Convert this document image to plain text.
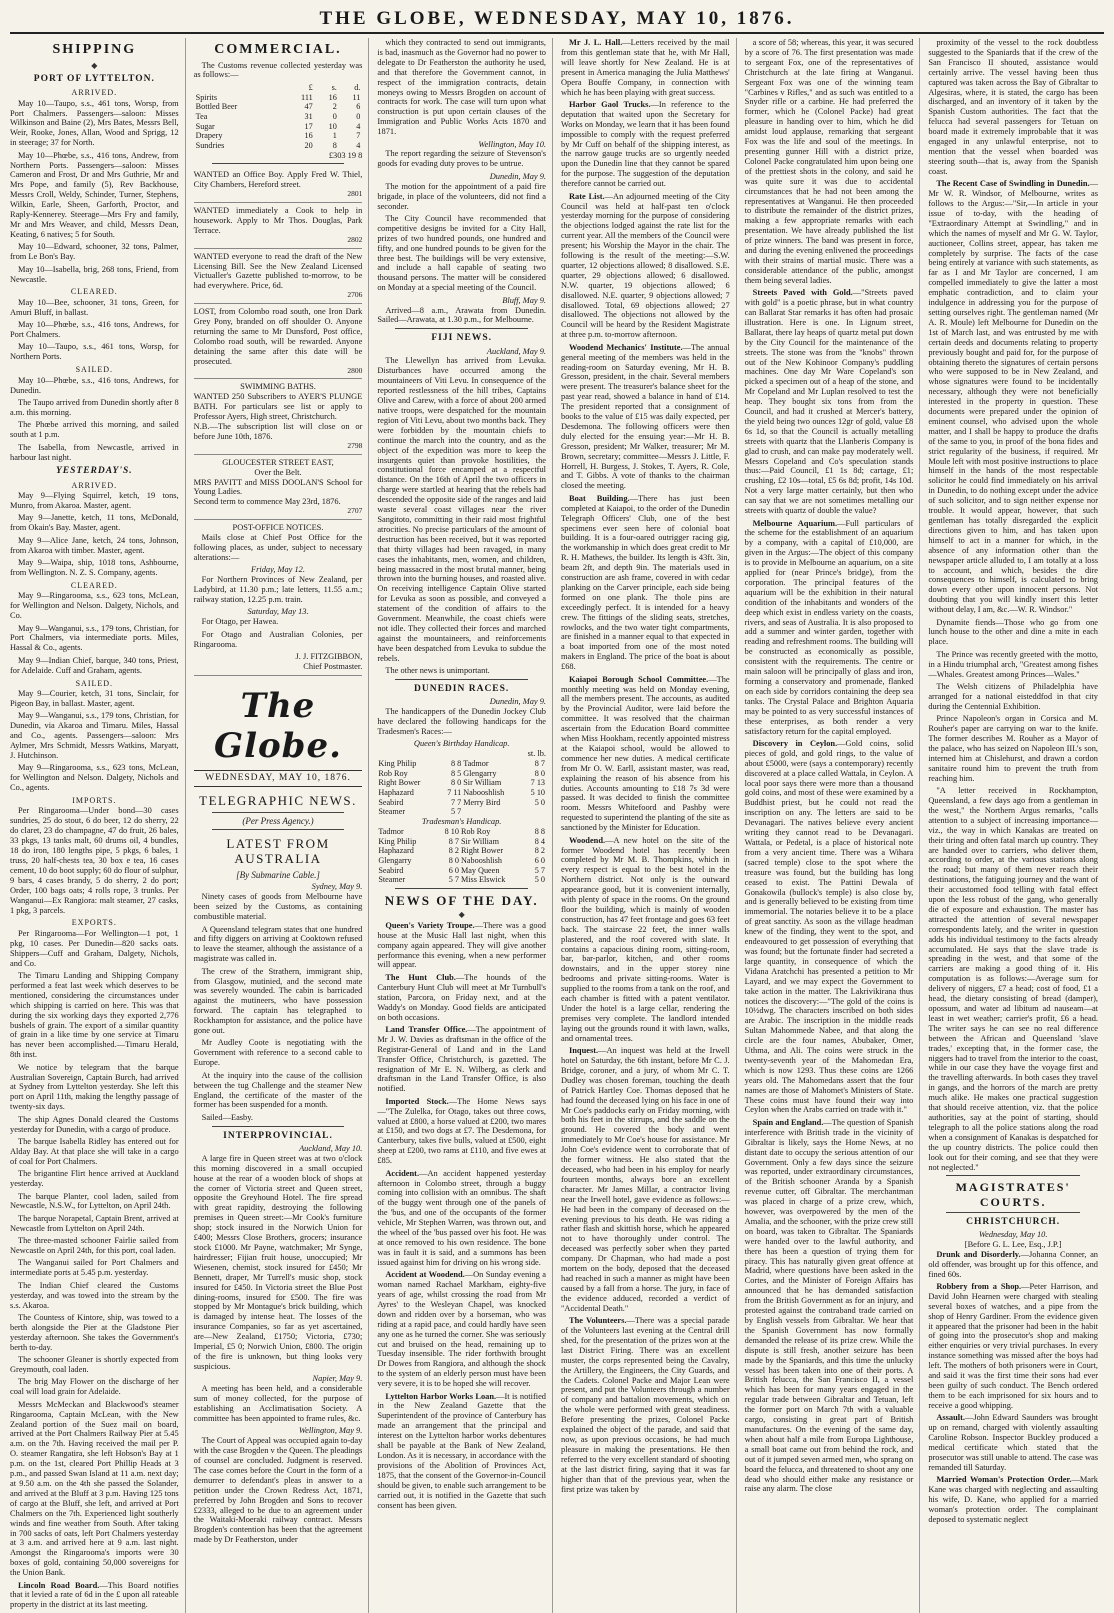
THE GLOBE, WEDNESDAY, MAY 10, 1876.
SHIPPING
◆
PORT OF LYTTELTON.
ARRIVED.

May 10—Taupo, s.s., 461 tons, Worsp, from Port Chalmers. Passengers—saloon: Misses Wilkinson and Baine (2), Mrs Bates, Messrs Bell, Weir, Rooke, Jones, Allan, Wood and Sprigg, 12 in steerage; 37 for North.

May 10—Phœbe, s.s., 416 tons, Andrew, from Northern Ports. Passengers—saloon: Misses Cameron and Frost, Dr and Mrs Guthrie, Mr and Mrs Pope, and family (5), Rev Backhouse, Messrs Croll, Weldy, Schinder, Turner, Stephens, Wilkin, Earle, Sheen, Garforth, Proctor, and Raply-Kennerey. Steerage—Mrs Fry and family, Mr and Mrs Weaver, and child, Messrs Dean, Keating, 6 natives; 5 for South.

May 10—Edward, schooner, 32 tons, Palmer, from Le Bon's Bay.

May 10—Isabella, brig, 268 tons, Friend, from Newcastle.

CLEARED.

May 10—Bee, schooner, 31 tons, Green, for Amuri Bluff, in ballast.

May 10—Phœbe, s.s., 416 tons, Andrews, for Port Chalmers.

May 10—Taupo, s.s., 461 tons, Worsp, for Northern Ports.

SAILED.

May 10—Phœbe, s.s., 416 tons, Andrews, for Dunedin.

The Taupo arrived from Dunedin shortly after 8 a.m. this morning.

The Phœbe arrived this morning, and sailed south at 1 p.m.

The Isabella, from Newcastle, arrived in harbour last night.

YESTERDAY'S.
ARRIVED.

May 9—Flying Squirrel, ketch, 19 tons, Munro, from Akaroa. Master, agent.

May 9—Janette, ketch, 11 tons, McDonald, from Okain's Bay. Master, agent.

May 9—Alice Jane, ketch, 24 tons, Johnson, from Akaroa with timber. Master, agent.

May 9—Waipa, ship, 1018 tons, Ashbourne, from Wellington. N. Z. S. Company, agents.

CLEARED.

May 9—Ringarooma, s.s., 623 tons, McLean, for Wellington and Nelson. Dalgety, Nichols, and Co.

May 9—Wanganui, s.s., 179 tons, Christian, for Port Chalmers, via intermediate ports. Miles, Hassal & Co., agents.

May 9—Indian Chief, barque, 340 tons, Priest, for Adelaide. Cuff and Graham, agents.

SAILED.

May 9—Courier, ketch, 31 tons, Sinclair, for Pigeon Bay, in ballast. Master, agent.

May 9—Wanganui, s.s., 179 tons, Christian, for Dunedin, via Akaroa and Timaru. Miles, Hassal and Co., agents. Passengers—saloon: Mrs Aylmer, Mrs Schmidt, Messrs Watkins, Maryatt, J. Hutchinson.

May 9—Ringarooma, s.s., 623 tons, McLean, for Wellington and Nelson. Dalgety, Nichols and Co., agents.

IMPORTS.

Per Ringarooma—Under bond—30 cases sundries, 25 do stout, 6 do beer, 12 do sherry, 22 do claret, 23 do champagne, 47 do fruit, 26 bales, 33 pkgs, 13 tanks malt, 60 drums oil, 4 bundles, 18 do iron, 180 lengths pipe, 5 pkgs, 6 bales, 1 truss, 20 half-chests tea, 30 box e tea, 16 cases cement, 10 do boot supply; 60 do flour of sulphur, 9 bars, 4 cases brandy, 5 do sherry, 2 do port; Order, 100 bags oats; 4 rolls rope, 3 trunks. Per Wanganui—Ex Rangiora: malt steamer, 27 casks, 1 pkg, 3 parcels.

EXPORTS.

Per Ringarooma—For Wellington—1 pot, 1 pkg, 10 cases. Per Dunedin—820 sacks oats. Shippers—Cuff and Graham, Dalgety, Nichols, and Co.

The Timaru Landing and Shipping Company performed a feat last week which deserves to be mentioned, considering the circumstances under which shipping is carried on here. This was that during the six working days they exported 2,776 bushels of grain. The export of a similar quantity of grain in a like time by one service at Timaru has never been accomplished.—Timaru Herald, 8th inst.

We notice by telegram that the barque Australian Sovereign, Captain Burch, had arrived at Sydney from Lyttelton yesterday. She left this port on April 11th, making the lengthy passage of twenty-six days.

The ship Agnes Donald cleared the Customs yesterday for Dunedin, with a cargo of produce.

The barque Isabella Ridley has entered out for Alday Bay. At that place she will take in a cargo of coal for Port Chalmers.

The brigantine Flirt hence arrived at Auckland yesterday.

The barque Planter, cool laden, sailed from Newcastle, N.S.W., for Lyttelton, on April 24th.

The barque Norapetal, Captain Brent, arrived at Newcastle from Lyttelton on April 24th.

The three-masted schooner Fairlie sailed from Newcastle on April 24th, for this port, coal laden.

The Wanganui sailed for Port Chalmers and intermediate ports at 5.45 p.m. yesterday.

The Indian Chief cleared the Customs yesterday, and was towed into the stream by the s.s. Akaroa.

The Countess of Kintore, ship, was towed to a berth alongside the Pier at the Gladstone Pier yesterday afternoon. She takes the Government's berth to-day.

The schooner Gleaner is shortly expected from Greymouth, coal laden.

The brig May Flower on the discharge of her coal will load grain for Adelaide.

Messrs McMeckan and Blackwood's steamer Ringarooma, Captain McLean, with the New Zealand portion of the Suez mail on board, arrived at the Port Chalmers Railway Pier at 5.45 a.m. on the 7th. Having received the mail per P. O. steamer Rangatira, she left Hobson's Bay at 1 p.m. on the 1st, cleared Port Phillip Heads at 3 p.m., and passed Swan Island at 11 a.m. next day; at 9.50 a.m. on the 4th she passed the Solander, and arrived at the Bluff at 3 p.m. Having 125 tons of cargo at the Bluff, she left, and arrived at Port Chalmers on the 7th. Experienced light southerly winds and fine weather from South. After taking in 700 sacks of oats, left Port Chalmers yesterday at 3 a.m. and arrived here at 9 a.m. last night. Amongst the Ringarooma's imports were 30 boxes of gold, containing 50,000 sovereigns for the Union Bank.

Lincoln Road Board.—This Board notifies that it levied a rate of 6d in the £ upon all rateable property in the district at its last meeting.

COMMERCIAL.

The Customs revenue collected yesterday was as follows:—

	£	s.	d.
Spirits	111	16	11
Bottled Beer	47	2	6
Tea	31	0	0
Sugar	17	10	4
Drapery	16	1	7
Sundries	20	8	4
£303 19 8
WANTED an Office Boy. Apply Fred W. Thiel, City Chambers, Hereford street.
2801
WANTED immediately a Cook to help in housework. Apply to Mr Thos. Douglas, Park Terrace.
2802
WANTED everyone to read the draft of the New Licensing Bill. See the New Zealand Licensed Victualler's Gazette published to-morrow, to be had everywhere. Price, 6d.
2706
LOST, from Colombo road south, one Iron Dark Grey Pony, branded on off shoulder O. Anyone returning the same to Mr Dunsford, Post office, Colombo road south, will be rewarded. Anyone detaining the same after this date will be prosecuted.
2800
SWIMMING BATHS.
WANTED 250 Subscribers to AYER'S PLUNGE BATH. For particulars see list or apply to Professor Ayers, High street, Christchurch.
N.B.—The subscription list will close on or before June 10th, 1876.
2798
GLOUCESTER STREET EAST,
Over the Belt.
MRS PAVITT and MISS DOOLAN'S School for Young Ladies.
Second term to commence May 23rd, 1876.
2707
POST-OFFICE NOTICES.

Mails close at Chief Post Office for the following places, as under, subject to necessary alterations:—

Friday, May 12.

For Northern Provinces of New Zealand, per Ladybird, at 11.30 p.m.; late letters, 11.55 a.m.; railway station, 12.25 p.m. train.

Saturday, May 13.

For Otago, per Hawea.

For Otago and Australian Colonies, per Ringarooma.

J. J. FITZGIBBON,
Chief Postmaster.
The Globe.
WEDNESDAY, MAY 10, 1876.
TELEGRAPHIC NEWS.
(Per Press Agency.)
LATEST FROM AUSTRALIA
[By Submarine Cable.]
Sydney, May 9.

Ninety cases of goods from Melbourne have been seized by the Customs, as containing combustible material.

A Queensland telegram states that one hundred and fifty diggers on arriving at Cooktown refused to leave the steamer, although the assistance of a magistrate was called in.

The crew of the Strathern, immigrant ship, from Glasgow, mutinied, and the second mate was severely wounded. The cabin is barricaded against the mutineers, who have possession forward. The captain has telegraphed to Rockhampton for assistance, and the police have gone out.

Mr Audley Coote is negotiating with the Government with reference to a second cable to Europe.

At the inquiry into the cause of the collision between the tug Challenge and the steamer New England, the certificate of the master of the former has been suspended for a month.

Sailed—Easby.

INTERPROVINCIAL.
Auckland, May 10.

A large fire in Queen street was at two o'clock this morning discovered in a small occupied house at the rear of a wooden block of shops at the corner of Victoria street and Queen street, opposite the Greyhound Hotel. The fire spread with great rapidity, destroying the following premises in Queen street:—Mr Cook's furniture shop; stock insured in the Norwich Union for £400; Messrs Close Brothers, grocers; insurance stock £1000. Mr Payne, watchmaker; Mr Synge, hairdresser; Fijian fruit house, unoccupied; Mr Wiesenen, chemist, stock insured for £450; Mr Bennett, draper, Mr Turrell's music shop, stock insured for £450. In Victoria street the Blue Post dining-rooms, insured for £500. The fire was stopped by Mr Montague's brick building, which is damaged by intense heat. The losses of the insurance Companies, so far as yet ascertained, are—New Zealand, £1750; Victoria, £730; Imperial, £5 0; Norwich Union, £800. The origin of the fire is unknown, but thing looks very suspicious.

Napier, May 9.

A meeting has been held, and a considerable sum of money collected, for the purpose of establishing an Acclimatisation Society. A committee has been appointed to frame rules, &c.

Wellington, May 9.

The Court of Appeal was occupied again to-day with the case Brogden v the Queen. The pleadings of counsel are concluded. Judgment is reserved. The case comes before the Court in the form of a demurrer to defendant's pleas in answer to a petition under the Crown Redress Act, 1871, preferred by John Brogden and Sons to recover £2333, alleged to be due to an agreement under the Waitaki-Moeraki railway contract. Messrs Brogden's contention has been that the agreement made by Dr Featherston, under

which they contracted to send out immigrants, is bad, inasmuch as the Governor had no power to delegate to Dr Featherston the authority he used, and that therefore the Government cannot, in respect of the immigration contracts, detain moneys owing to Messrs Brogden on account of contracts for work. The case will turn upon what construction is put upon certain clauses of the Immigration and Public Works Acts 1870 and 1871.

Wellington, May 10.

The report regarding the seizure of Stevenson's goods for evading duty proves to be untrue.

Dunedin, May 9.

The motion for the appointment of a paid fire brigade, in place of the volunteers, did not find a seconder.

The City Council have recommended that competitive designs be invited for a City Hall, prizes of two hundred pounds, one hundred and fifty, and one hundred pounds to be given for the three best. The buildings will be very extensive, and include a hall capable of seating two thousand persons. The matter will be considered on Monday at a special meeting of the Council.

Bluff, May 9.

Arrived—8 a.m., Arawata from Dunedin. Sailed—Arawata, at 1.30 p.m., for Melbourne.

FIJI NEWS.
Auckland, May 9.

The Llewellyn has arrived from Levuka. Disturbances have occurred among the mountaineers of Viti Levu. In consequence of the reported restlessness of the hill tribes, Captains Olive and Carew, with a force of about 200 armed native troops, were despatched for the mountain region of Viti Levu, about two months back. They were forbidden by the mountain chiefs to continue the march into the country, and as the object of the expedition was more to keep the insurgents quiet than provoke hostilities, the constitutional force encamped at a respectful distance. On the 16th of April the two officers in charge were startled at hearing that the rebels had descended the opposite side of the ranges and laid waste several coast villages near the river Sangitoto, committing in their raid most frightful atrocities. No precise particulars of the amount of destruction has been received, but it was reported that thirty villages had been ravaged, in many cases the inhabitants, men, women, and children, being massacred in the most brutal manner, being thrown into the burning houses, and roasted alive. On receiving intelligence Captain Olive started for Levuka as soon as possible, and conveyed a statement of the condition of affairs to the Government. Meanwhile, the coast chiefs were not idle. They collected their forces and marched against the mountaineers, and reinforcements have been despatched from Levuka to subdue the rebels.

The other news is unimportant.

DUNEDIN RACES.
Dunedin, May 9.

The handicappers of the Dunedin Jockey Club have declared the following handicaps for the Tradesmen's Races:—

Queen's Birthday Handicap.
st. lb.
King Philip	8 8	Tadmor	8 7
Rob Roy	8 5	Glengarry	8 0
Right Bower	8 0	Sir William	7 13
Haphazard	7 11	Nabooshlish	5 10
Seabird	7 7	Merry Bird	5 0
Steamer	5 7		
Tradesman's Handicap.
Tadmor	8 10	Rob Roy	8 8
King Philip	8 7	Sir William	8 4
Haphazard	8 2	Right Bower	8 2
Glengarry	8 0	Nabooshlish	6 0
Seabird	6 0	May Queen	5 7
Steamer	5 7	Miss Elswick	5 0
NEWS OF THE DAY.
◆

Queen's Variety Troupe.—There was a good house at the Music Hall last night, when this company again appeared. They will give another performance this evening, when a new performer will appear.

The Hunt Club.—The hounds of the Canterbury Hunt Club will meet at Mr Turnbull's station, Parcora, on Friday next, and at the Waddy's on Monday. Good fields are anticipated on both occasions.

Land Transfer Office.—The appointment of Mr J. W. Davies as draftsman in the office of the Registrar-General of Land and in the Land Transfer Office, Christchurch, is gazetted. The resignation of Mr E. N. Wilberg, as clerk and draftsman in the Land Transfer Office, is also notified.

Imported Stock.—The Home News says —"The Zulelka, for Otago, takes out three cows, valued at £800, a horse valued at £200, two mares at £150, and two dogs at £7. The Desdemona, for Canterbury, takes five bulls, valued at £500, eight sheep at £200, two rams at £110, and five ewes at £85.

Accident.—An accident happened yesterday afternoon in Colombo street, through a buggy coming into collision with an omnibus. The shaft of the buggy went through one of the panels of the 'bus, and one of the occupants of the former vehicle, Mr Stephen Warren, was thrown out, and the wheel of the 'bus passed over his foot. He was at once removed to his own residence. The bone was in fault it is said, and a summons has been issued against him for driving on his wrong side.

Accident at Woodend.—On Sunday evening a woman named Rachael Markham, eighty-five years of age, whilst crossing the road from Mr Ayres' to the Wesleyan Chapel, was knocked down and ridden over by a horseman, who was riding at a rapid pace, and could hardly have seen any one as he turned the corner. She was seriously cut and bruised on the head, remaining up to Tuesday insensible. The rider forthwith brought Dr Dowes from Rangiora, and although the shock to the system of an elderly person must have been very severe, it is to be hoped she will recover.

Lyttelton Harbor Works Loan.—It is notified in the New Zealand Gazette that the Superintendent of the province of Canterbury has made an arrangement that the principal and interest on the Lyttelton harbor works debentures shall be payable at the Bank of New Zealand, London. As it is necessary, in accordance with the provisions of the Abolition of Provinces Act, 1875, that the consent of the Governor-in-Council should be given, to enable such arrangement to be carried out, it is notified in the Gazette that such consent has been given.

Mr J. L. Hall.—Letters received by the mail from this gentleman state that he, with Mr Hall, will leave shortly for New Zealand. He is at present in America managing the Julia Matthews' Opera Bouffe Company, in connection with which he has been playing with great success.

Harbor Gaol Trucks.—In reference to the deputation that waited upon the Secretary for Works on Monday, we learn that it has been found impossible to comply with the request preferred by Mr Cuff on behalf of the shipping interest, as the narrow gauge trucks are so urgently needed upon the Dunedin line that they cannot be spared for the purpose. The suggestion of the deputation therefore cannot be carried out.

Rate List.—An adjourned meeting of the City Council was held at half-past ten o'clock yesterday morning for the purpose of considering the objections lodged against the rate list for the current year. All the members of the Council were present; his Worship the Mayor in the chair. The following is the result of the meeting:—S.W. quarter, 12 objections allowed; 8 disallowed. S.E. quarter, 29 objections allowed; 6 disallowed. N.W. quarter, 19 objections allowed; 6 disallowed. N.E. quarter, 9 objections allowed; 7 disallowed. Total, 69 objections allowed; 27 disallowed. The objections not allowed by the Council will be heard by the Resident Magistrate at three p.m. to-morrow afternoon.

Woodend Mechanics' Institute.—The annual general meeting of the members was held in the reading-room on Saturday evening, Mr H. B. Gresson, president, in the chair. Several members were present. The treasurer's balance sheet for the past year read, showed a balance in hand of £14. The president reported that a consignment of books to the value of £15 was daily expected, per Desdemona. The following officers were then duly elected for the ensuing year:—Mr H. B. Gresson, president; Mr Walker, treasurer; Mr M. Brown, secretary; committee—Messrs J. Little, F. Horrell, H. Burgess, J. Stokes, T. Ayers, R. Cole, and T. Gibbs. A vote of thanks to the chairman closed the meeting.

Boat Building.—There has just been completed at Kaiapoi, to the order of the Dunedin Telegraph Officers' Club, one of the best specimens ever seen here of colonial boat building. It is a four-oared outrigger racing gig, the workmanship in which does great credit to Mr R. H. Mathews, the builder. Its length is 43ft. 3in, beam 2ft, and depth 9in. The materials used in construction are ash frame, covered in with cedar planking on the Carver principle, each side being formed on one plank. The thole pins are exceedingly perfect. It is intended for a heavy crew. The fittings of the sliding seats, stretches, rowlocks, and the two water tight compartments, are finished in a manner equal to that expected in a boat imported from one of the most noted makers in England. The price of the boat is about £68.

Kaiapoi Borough School Committee.—The monthly meeting was held on Monday evening, all the members present. The accounts, as audited by the Provincial Auditor, were laid before the committee. It was resolved that the chairman ascertain from the Education Board committee when Miss Hookham, recently appointed mistress at the Kaiapoi school, would be allowed to commence her new duties. A medical certificate from Mr O. W. Earll, assistant master, was read, explaining the reason of his absence from his duties. Accounts amounting to £18 7s 3d were passed. It was decided to finish the committee room. Messrs Whitefoord and Pashby were requested to superintend the planting of the site as sanctioned by the Minister for Education.

Woodend.—A new hotel on the site of the former Woodend hotel has recently been completed by Mr M. B. Thompkins, which in every respect is equal to the best hotel in the Northern district. Not only is the outward appearance good, but it is convenient internally, with plenty of space in the rooms. On the ground floor the building, which is mainly of wooden construction, has 47 feet frontage and goes 63 feet back. The staircase 22 feet, the inner walls plastered, and the roof covered with slate. It contains a capacious dining room, sitting-room, bar, bar-parlor, kitchen, and other rooms downstairs, and in the upper storey nine bedrooms and private sitting-rooms. Water is supplied to the rooms from a tank on the roof, and each chamber is fitted with a patent ventilator. Under the hotel is a large cellar, rendering the premises very complete. The landlord intended laying out the grounds round it with lawn, walks, and ornamental trees.

Inquest.—An inquest was held at the Irwell hotel on Saturday, the 6th instant, before Mr C. J. Bridge, coroner, and a jury, of whom Mr C. T. Dudley was chosen foreman, touching the death of Patrick Hartley Coe. Thomas deposed that he had found the deceased lying on his face in one of Mr Coe's paddocks early on Friday morning, with both his feet in the stirrups, and the saddle on the ground. He covered the body and went immediately to Mr Coe's house for assistance. Mr John Coe's evidence went to corroborate that of the former witness. He also stated that the deceased, who had been in his employ for nearly fourteen months, always bore an excellent character. Mr James Millar, a contractor living near the Irwell hotel, gave evidence as follows:—He had been in the company of deceased on the evening previous to his death. He was riding a rather flash and skittish horse, which he appeared not to have thoroughly under control. The deceased was perfectly sober when they parted company. Dr Chapman, who had made a post mortem on the body, deposed that the deceased had reached in such a manner as might have been caused by a fall from a horse. The jury, in face of the evidence adduced, recorded a verdict of "Accidental Death."

The Volunteers.—There was a special parade of the Volunteers last evening at the Central drill shed, for the presentation of the prizes won at the last District Firing. There was an excellent muster, the corps represented being the Cavalry, the Artillery, the Engineers, the City Guards, and the Cadets. Colonel Packe and Major Lean were present, and put the Volunteers through a number of company and battalion movements, which on the whole were performed with great steadiness. Before presenting the prizes, Colonel Packe explained the object of the parade, and said that now, as upon previous occasions, he had much pleasure in making the presentations. He then referred to the very excellent standard of shooting at the last district firing, saying that it was far higher than that of the previous year, when the first prize was taken by

a score of 58; whereas, this year, it was secured by a score of 76. The first presentation was made to sergeant Fox, one of the representatives of Christchurch at the late firing at Wanganui. Sergeant Fox was one of the winning team "Carbines v Rifles," and as such was entitled to a Snyder rifle or a carbine. He had preferred the former, which he (Colonel Packe) had great pleasure in handing over to him, which he did amidst loud applause, remarking that sergeant Fox was the life and soul of the meetings. In presenting gunner Hill with a district prize, Colonel Packe congratulated him upon being one of the prettiest shots in the colony, and said he was quite sure it was due to accidental circumstances that he had not been among the representatives at Wanganui. He then proceeded to distribute the remainder of the district prizes, making a few appropriate remarks with each presentation. We have already published the list of prize winners. The band was present in force, and during the evening enlivened the proceedings with their strains of martial music. There was a considerable attendance of the public, amongst them being several ladies.

Streets Paved with Gold.—"Streets paved with gold" is a poetic phrase, but in what country can Ballarat Star remarks it has often had prosaic illustration. Here is one. In Lignum street, Ballarat, there lay heaps of quartz metal put down by the City Council for the maintenance of the streets. The stone was from the "knobs" thrown out of the New Kohinoor Company's puddling machines. One day Mr Ware Copeland's son picked a specimen out of a heap of the stone, and Mr Copeland and Mr Luplan resolved to test the heap. They bought six tons from from the Council, and had it crushed at Mercer's battery, the yield being two ounces 12gr of gold, value £8 6s 1d, so that the Council is actually metalling streets with quartz that the Llanberis Company is glad to crush, and can make pay moderately well. Messrs Copeland and Co's speculation stands thus:—Paid Council, £1 1s 8d; cartage, £1; crushing, £2 10s—total, £5 6s 8d; profit, 14s 10d. Not a very large matter certainly, but then who can say that we are not sometimes metalling our streets with quartz of double the value?

Melbourne Aquarium.—Full particulars of the scheme for the establishment of an aquarium by a company, with a capital of £10,000, are given in the Argus:—The object of this company is to provide in Melbourne an aquarium, on a site applied for (near Prince's bridge), from the corporation. The principal features of the aquarium will be the exhibition in their natural condition of the inhabitants and wonders of the deep which exist in endless variety on the coasts, rivers, and seas of Australia. It is also proposed to add a summer and winter garden, together with reading and refreshment rooms. The building will be constructed as economically as possible, consistent with the requirements. The centre or main saloon will be principally of glass and iron, forming a conservatory and promenade, flanked on each side by corridors containing the deep sea tanks. The Crystal Palace and Brighton Aquaria may be pointed to as very successful instances of these enterprises, as both render a very satisfactory return for the capital employed.

Discovery in Ceylon.—Gold coins, solid pieces of gold, and gold rings, to the value of about £5000, were (says a contemporary) recently discovered at a place called Wattala, in Ceylon. A local poor says there were more than a thousand gold coins, and most of these were examined by a Buddhist priest, but he could not read the inscription on any. The letters are said to be Devanagari. The natives believe every ancient writing they cannot read to be Devanagari. Wattala, or Pedetal, is a place of historical note from a very ancient time. There was a Wihara (sacred temple) close to the spot where the treasure was found, but the building has long ceased to exist. The Pattini Dewala of Gonakowila (bullock's temple) is also close by, and is generally believed to be existing from time immemorial. The notaries believe it to be a place of great sanctity. As soon as the village headman knew of the finding, they went to the spot, and endeavoured to get possession of everything that was found; but the fortunate finder had secreted a large quantity, in consequence of which the Vidana Aratchchi has presented a petition to Mr Layard, and we may expect the Government to take action in the matter. The Lakrivikirana thus notices the discovery:—"The gold of the coins is 10½dwg. The characters inscribed on both sides are Arabic. The inscription in the middle reads Sultan Mahommede Nabee, and that along the circle are the four names, Abubaker, Omer, Uthma, and Ali. The coins were struck in the twenty-seventh year of the Mahomedan Era, which is now 1293. Thus these coins are 1266 years old. The Mahomedans assert that the four names are those of Mahomet's Ministers of State. These coins must have found their way into Ceylon when the Arabs carried on trade with it."

Spain and England.—The question of Spanish interference with British trade in the vicinity of Gibraltar is likely, says the Home News, at no distant date to occupy the serious attention of our Government. Only a few days since the seizure was reported, under extraordinary circumstances, of the British schooner Aranda by a Spanish revenue cutter, off Gibraltar. The merchantman was placed in charge of a prize crew, which, however, was overpowered by the men of the Amalia, and the schooner, with the prize crew still on board, was taken to Gibraltar. The Spaniards were handed over to the lawful authority, and there has been a question of trying them for piracy. This has naturally given great offence at Madrid, where questions have been asked in the Cortes, and the Minister of Foreign Affairs has announced that he has demanded satisfaction from the British Government as for an injury, and protested against the contraband trade carried on by English vessels from Gibraltar. We hear that the Spanish Government has now formally demanded the release of its prize crew. While the dispute is still fresh, another seizure has been made by the Spaniards, and this time the unlucky vessel has been taken into one of their ports. A British felucca, the San Francisco II, a vessel which has been for many years engaged in the regular trade between Gibraltar and Tetuan, left the former port on March 7th with a valuable cargo, consisting in great part of British manufactures. On the evening of the same day, when about half a mile from Europa Lighthouse, a small boat came out from behind the rock, and out of it jumped seven armed men, who sprang on board the felucca, and threatened to shoot any one dead who should either make any resistance or raise any alarm. The close

proximity of the vessel to the rock doubtless suggested to the Spaniards that if the crew of the San Francisco II shouted, assistance would certainly arrive. The vessel having been thus captured was taken across the Bay of Gibraltar to Algesiras, where, it is stated, the cargo has been discharged, and an inventory of it taken by the Spanish Custom authorities. The fact that the felucca had several passengers for Tetuan on board made it extremely improbable that it was engaged in any unlawful enterprise, not to mention that the vessel when boarded was steering south—that is, away from the Spanish coast.

The Recent Case of Swindling in Dunedin.—Mr W. R. Windsor, of Melbourne, writes as follows to the Argus:—"Sir,—In article in your issue of to-day, with the heading of "Extraordinary Attempt at Swindling," and in which the names of myself and Mr G. W. Taylor, auctioneer, Collins street, appear, has taken me completely by surprise. The facts of the case being entirely at variance with such statements, as far as I and Mr Taylor are concerned, I am compelled immediately to give the latter a most emphatic contradiction, and to claim your indulgence in addressing you for the purpose of setting ourselves right. The gentleman named (Mr A. R. Moule) left Melbourne for Dunedin on the 1st of March last, and was entrusted by me with certain deeds and documents relating to property previously bought and paid for, for the purpose of obtaining thereto the signatures of certain persons who were supposed to be in New Zealand, and whose signatures were found to be incidentally necessary, although they were not beneficially interested in the property in question. These documents were prepared under the opinion of eminent counsel, who advised upon the whole matter, and I shall be happy to produce the drafts of the same to you, in proof of the bona fides and strict regularity of the business, if required. Mr Moule left with most positive instructions to place himself in the hands of the most respectable solicitor he could find immediately on his arrival in Dunedin, to do nothing except under the advice of such solicitor, and to sign neither expense nor trouble. It would appear, however, that such gentleman has totally disregarded the explicit directions given to him, and has taken upon himself to act in a manner for which, in the absence of any information other than the newspaper article alluded to, I am totally at a loss to account, and which, besides the dire consequences to himself, is calculated to bring down every other upon innocent persons. Not doubting that you will kindly insert this letter without delay, I am, &c.—W. R. Windsor."

Dynamite fiends—Those who go from one lunch house to the other and dine a mite in each place.

The Prince was recently greeted with the motto, in a Hindu triumphal arch, "Greatest among fishes—Whales. Greatest among Princes—Wales."

The Welsh citizens of Philadelphia have arranged for a national eisteddfod in that city during the Centennial Exhibition.

Prince Napoleon's organ in Corsica and M. Rouher's paper are carrying on war to the knife. The former describes M. Rouher as a Mayor of the palace, who has seized on Napoleon III.'s son, interned him at Chislehurst, and drawn a cordon sanitaire round him to prevent the truth from reaching him.

"A letter received in Rockhampton, Queensland, a few days ago from a gentleman in the west," the Northern Argus remarks, "calls attention to a subject of increasing importance—viz., the way in which Kanakas are treated on their tiring and often fatal march up country. They are handed over to carriers, who deliver them, according to order, at the various stations along the road; but many of them never reach their destinations, the fatiguing journey and the want of their accustomed food telling with fatal effect upon the less robust of the gang, who generally die of exposure and exhaustion. The master has attracted the attention of several newspaper correspondents lately, and the writer in question adds his individual testimony to the facts already accumulated. He says that the slave trade is spreading in the west, and that some of the carriers are making a good thing of it. His computation is as follows:—Average sum for delivery of niggers, £7 a head; cost of food, £1 a head, the dietary consisting of bread (damper), opossum, and water ad libitum ad nauseam—at least in wet weather; carrier's profit, £6 a head. The writer says he can see no real difference between the African and Queensland 'slave trades,' excepting that, in the former case, the niggers had to travel from the interior to the coast, while in our case they have the voyage first and the travelling afterwards. In both cases they travel in gangs, and the horrors of the march are pretty much alike. He makes one practical suggestion that should receive attention, viz. that the police authorities, say at the point of starting, should telegraph to all the police stations along the road when a consignment of Kanakas is despatched for the up country districts. The police could then look out for their coming, and see that they were not neglected."

MAGISTRATES' COURTS.
CHRISTCHURCH.
Wednesday, May 10.
[Before G. L. Lee, Esq., J.P.]

Drunk and Disorderly.—Johanna Conner, an old offender, was brought up for this offence, and fined 60s.

Robbery from a Shop.—Peter Harrison, and David John Hearnen were charged with stealing several boxes of watches, and a pipe from the shop of Henry Gardiner. From the evidence given it appeared that the prisoner had been in the habit of going into the prosecutor's shop and making either enquiries or very trivial purchases. In every instance something was missed after the boys had left. The mothers of both prisoners were in Court, and said it was the first time their sons had ever been guilty of such conduct. The Bench ordered them to be each imprisoned for six hours and to receive a good whipping.

Assault.—John Edward Saunders was brought up on remand, charged with violently assaulting Caroline Robson. Inspector Buckley produced a medical certificate which stated that the prosecutor was still unable to attend. The case was remanded till Saturday.

Married Woman's Protection Order.—Mark Kane was charged with neglecting and assaulting his wife, D. Kane, who applied for a married woman's protection order. The complainant deposed to systematic neglect
